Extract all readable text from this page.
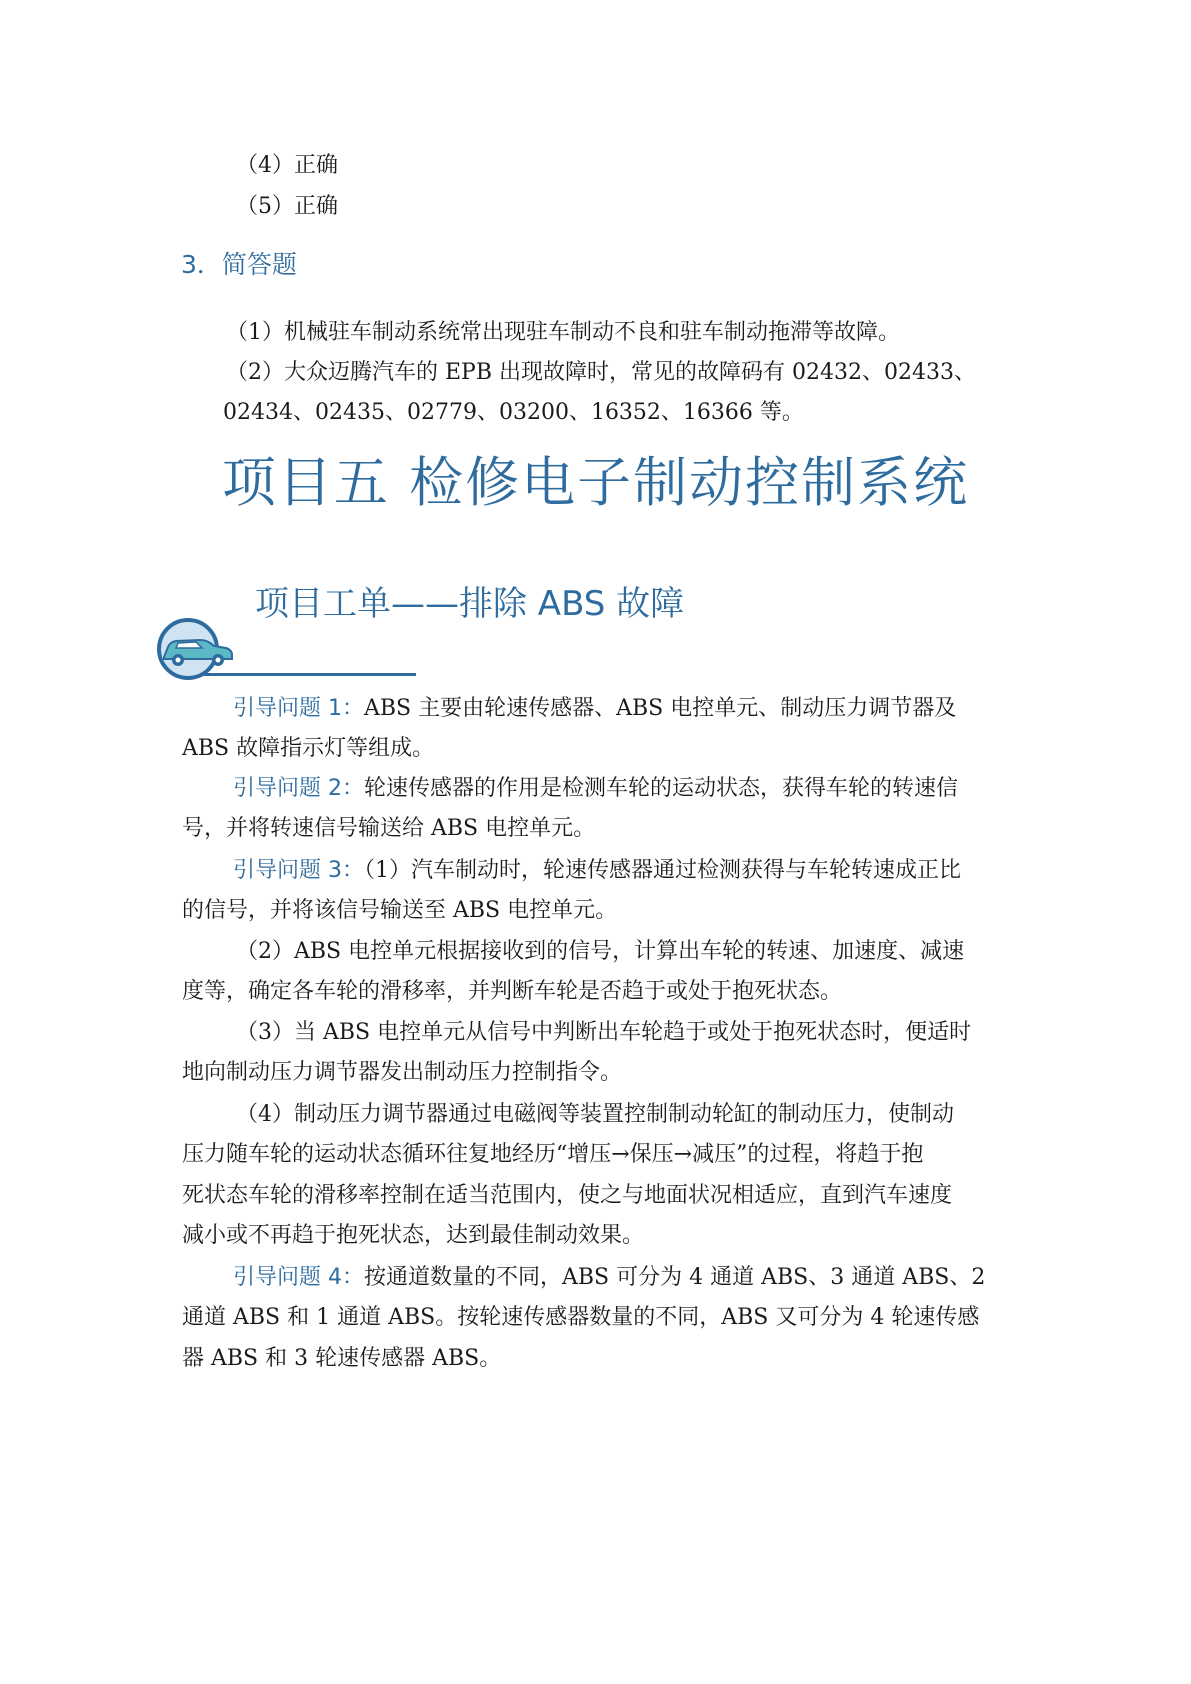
（4）正确
（5）正确
3．简答题
（1）机械驻车制动系统常出现驻车制动不良和驻车制动拖滞等故障。
（2）大众迈腾汽车的 EPB 出现故障时，常见的故障码有 02432、02433、
02434、02435、02779、03200、16352、16366 等。
项目五 检修电子制动控制系统
项目工单——排除 ABS 故障
引导问题 1：ABS 主要由轮速传感器、ABS 电控单元、制动压力调节器及
ABS 故障指示灯等组成。
引导问题 2：轮速传感器的作用是检测车轮的运动状态，获得车轮的转速信
号，并将转速信号输送给 ABS 电控单元。
引导问题 3：（1）汽车制动时，轮速传感器通过检测获得与车轮转速成正比
的信号，并将该信号输送至 ABS 电控单元。
（2）ABS 电控单元根据接收到的信号，计算出车轮的转速、加速度、减速
度等，确定各车轮的滑移率，并判断车轮是否趋于或处于抱死状态。
（3）当 ABS 电控单元从信号中判断出车轮趋于或处于抱死状态时，便适时
地向制动压力调节器发出制动压力控制指令。
（4）制动压力调节器通过电磁阀等装置控制制动轮缸的制动压力，使制动
压力随车轮的运动状态循环往复地经历“增压→保压→减压”的过程，将趋于抱
死状态车轮的滑移率控制在适当范围内，使之与地面状况相适应，直到汽车速度
减小或不再趋于抱死状态，达到最佳制动效果。
引导问题 4：按通道数量的不同，ABS 可分为 4 通道 ABS、3 通道 ABS、2
通道 ABS 和 1 通道 ABS。按轮速传感器数量的不同，ABS 又可分为 4 轮速传感
器 ABS 和 3 轮速传感器 ABS。
